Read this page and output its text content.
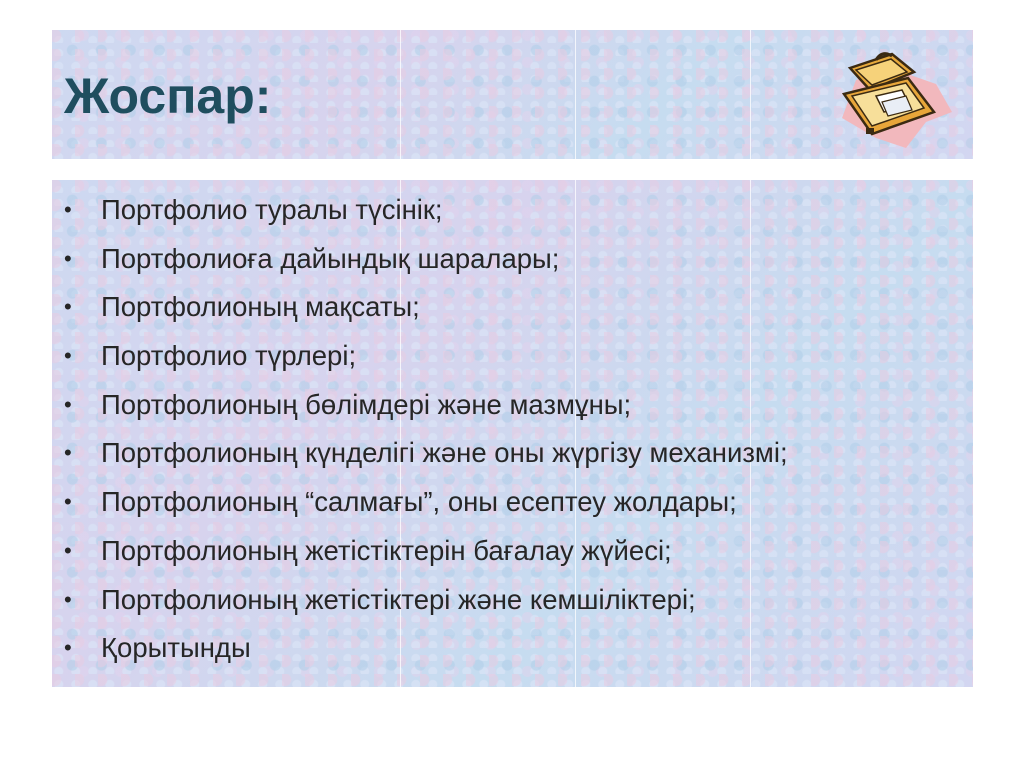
Жоспар:
• Портфолио туралы түсінік;
• Портфолиоға дайындық шаралары;
• Портфолионың мақсаты;
• Портфолио түрлері;
• Портфолионың бөлімдері және мазмұны;
• Портфолионың күнделігі және оны жүргізу механизмі;
• Портфолионың “салмағы”, оны есептеу жолдары;
• Портфолионың жетістіктерін бағалау жүйесі;
• Портфолионың жетістіктері және кемшіліктері;
• Қорытынды
